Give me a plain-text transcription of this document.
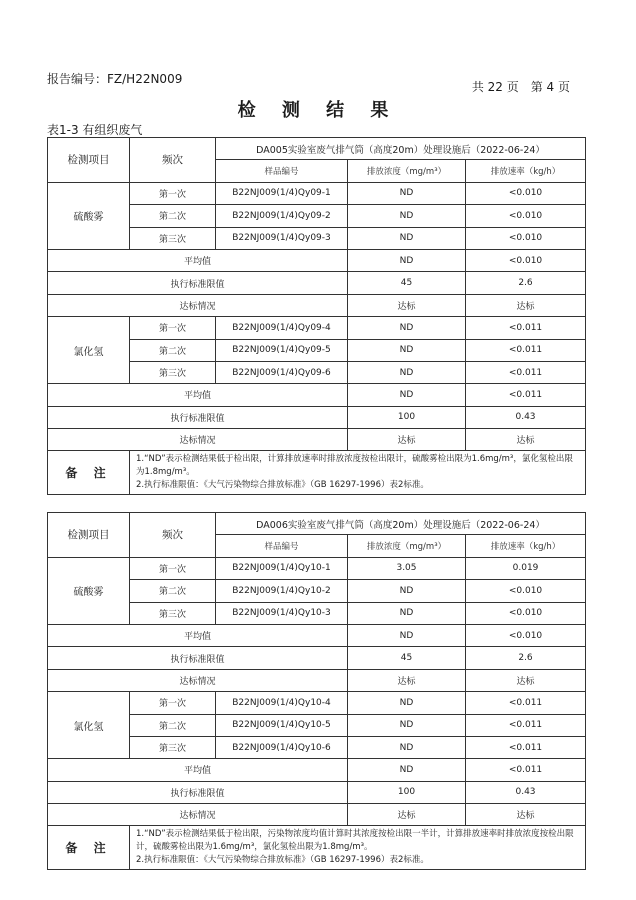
报告编号：FZ/H22N009
共 22 页　第 4 页
检 测 结 果
表1-3 有组织废气
检测项目	频次	DA005实验室废气排气筒（高度20m）处理设施后（2022-06-24）		
		样品编号	排放浓度（mg/m³）	排放速率（kg/h）
硫酸雾	第一次	B22NJ009(1/4)Qy09-1	ND	<0.010
	第二次	B22NJ009(1/4)Qy09-2	ND	<0.010
	第三次	B22NJ009(1/4)Qy09-3	ND	<0.010
平均值			ND	<0.010
执行标准限值			45	2.6
达标情况			达标	达标
氯化氢	第一次	B22NJ009(1/4)Qy09-4	ND	<0.011
	第二次	B22NJ009(1/4)Qy09-5	ND	<0.011
	第三次	B22NJ009(1/4)Qy09-6	ND	<0.011
平均值			ND	<0.011
执行标准限值			100	0.43
达标情况			达标	达标
备 注	1.“ND”表示检测结果低于检出限，计算排放速率时排放浓度按检出限计，硫酸雾检出限为1.6mg/m³，氯化氢检出限为1.8mg/m³。
2.执行标准限值：《大气污染物综合排放标准》（GB 16297-1996）表2标准。			
检测项目	频次	DA006实验室废气排气筒（高度20m）处理设施后（2022-06-24）		
		样品编号	排放浓度（mg/m³）	排放速率（kg/h）
硫酸雾	第一次	B22NJ009(1/4)Qy10-1	3.05	0.019
	第二次	B22NJ009(1/4)Qy10-2	ND	<0.010
	第三次	B22NJ009(1/4)Qy10-3	ND	<0.010
平均值			ND	<0.010
执行标准限值			45	2.6
达标情况			达标	达标
氯化氢	第一次	B22NJ009(1/4)Qy10-4	ND	<0.011
	第二次	B22NJ009(1/4)Qy10-5	ND	<0.011
	第三次	B22NJ009(1/4)Qy10-6	ND	<0.011
平均值			ND	<0.011
执行标准限值			100	0.43
达标情况			达标	达标
备 注	1.“ND”表示检测结果低于检出限，污染物浓度均值计算时其浓度按检出限一半计，计算排放速率时排放浓度按检出限计，硫酸雾检出限为1.6mg/m³，氯化氢检出限为1.8mg/m³。
2.执行标准限值：《大气污染物综合排放标准》（GB 16297-1996）表2标准。			
